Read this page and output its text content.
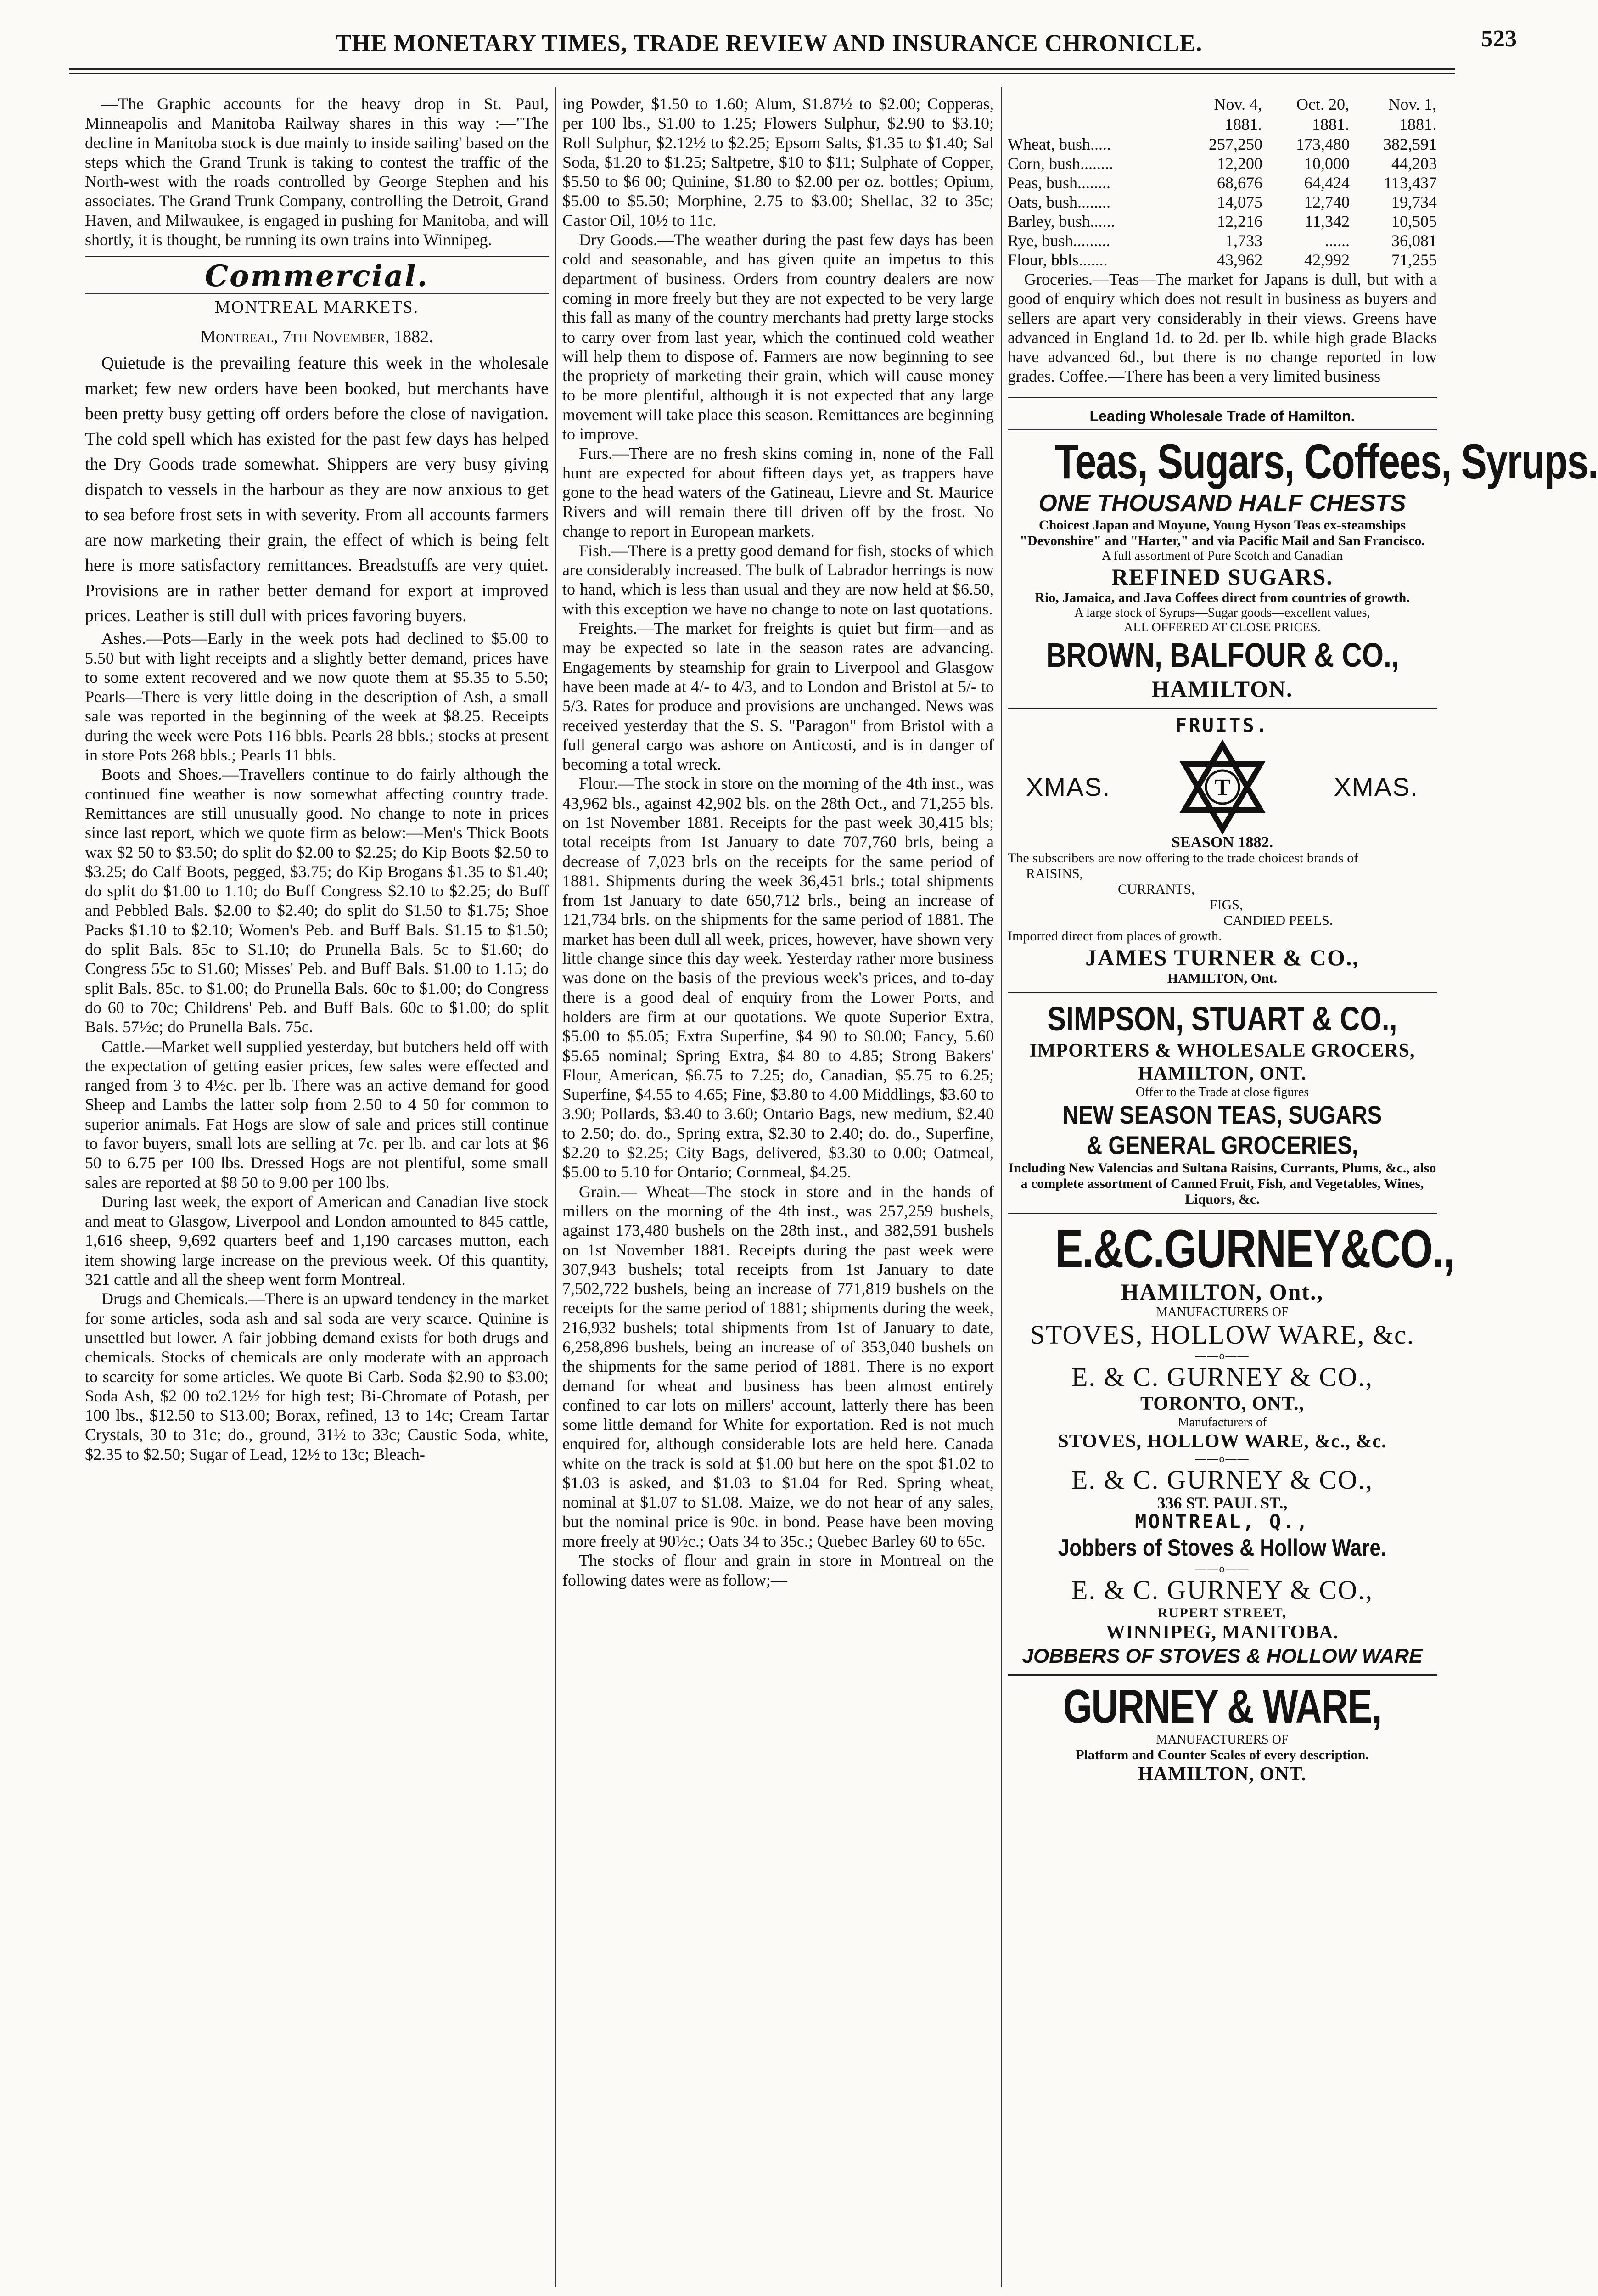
THE MONETARY TIMES, TRADE REVIEW AND INSURANCE CHRONICLE.	523

—The Graphic accounts for the heavy drop in St. Paul, Minneapolis and Manitoba Railway shares in this way :—"The decline in Manitoba stock is due mainly to inside sailing' based on the steps which the Grand Trunk is taking to contest the traffic of the North-west with the roads controlled by George Stephen and his associates. The Grand Trunk Company, controlling the Detroit, Grand Haven, and Milwaukee, is engaged in pushing for Manitoba, and will shortly, it is thought, be running its own trains into Winnipeg.

Commercial.
MONTREAL MARKETS.
Montreal, 7th November, 1882.

Quietude is the prevailing feature this week in the wholesale market; few new orders have been booked, but merchants have been pretty busy getting off orders before the close of navigation. The cold spell which has existed for the past few days has helped the Dry Goods trade somewhat. Shippers are very busy giving dispatch to vessels in the harbour as they are now anxious to get to sea before frost sets in with severity. From all accounts farmers are now marketing their grain, the effect of which is being felt here is more satisfactory remittances. Breadstuffs are very quiet. Provisions are in rather better demand for export at improved prices. Leather is still dull with prices favoring buyers.

Ashes.—Pots—Early in the week pots had declined to $5.00 to 5.50 but with light receipts and a slightly better demand, prices have to some extent recovered and we now quote them at $5.35 to 5.50; Pearls—There is very little doing in the description of Ash, a small sale was reported in the beginning of the week at $8.25. Receipts during the week were Pots 116 bbls. Pearls 28 bbls.; stocks at present in store Pots 268 bbls.; Pearls 11 bbls.

Boots and Shoes.—Travellers continue to do fairly although the continued fine weather is now somewhat affecting country trade. Remittances are still unusually good. No change to note in prices since last report, which we quote firm as below:—Men's Thick Boots wax $2 50 to $3.50; do split do $2.00 to $2.25; do Kip Boots $2.50 to $3.25; do Calf Boots, pegged, $3.75; do Kip Brogans $1.35 to $1.40; do split do $1.00 to 1.10; do Buff Congress $2.10 to $2.25; do Buff and Pebbled Bals. $2.00 to $2.40; do split do $1.50 to $1.75; Shoe Packs $1.10 to $2.10; Women's Peb. and Buff Bals. $1.15 to $1.50; do split Bals. 85c to $1.10; do Prunella Bals. 5c to $1.60; do Congress 55c to $1.60; Misses' Peb. and Buff Bals. $1.00 to 1.15; do split Bals. 85c. to $1.00; do Prunella Bals. 60c to $1.00; do Congress do 60 to 70c; Childrens' Peb. and Buff Bals. 60c to $1.00; do split Bals. 57½c; do Prunella Bals. 75c.

Cattle.—Market well supplied yesterday, but butchers held off with the expectation of getting easier prices, few sales were effected and ranged from 3 to 4½c. per lb. There was an active demand for good Sheep and Lambs the latter solp from 2.50 to 4 50 for common to superior animals. Fat Hogs are slow of sale and prices still continue to favor buyers, small lots are selling at 7c. per lb. and car lots at $6 50 to 6.75 per 100 lbs. Dressed Hogs are not plentiful, some small sales are reported at $8 50 to 9.00 per 100 lbs.

During last week, the export of American and Canadian live stock and meat to Glasgow, Liverpool and London amounted to 845 cattle, 1,616 sheep, 9,692 quarters beef and 1,190 carcases mutton, each item showing large increase on the previous week. Of this quantity, 321 cattle and all the sheep went form Montreal.

Drugs and Chemicals.—There is an upward tendency in the market for some articles, soda ash and sal soda are very scarce. Quinine is unsettled but lower. A fair jobbing demand exists for both drugs and chemicals. Stocks of chemicals are only moderate with an approach to scarcity for some articles. We quote Bi Carb. Soda $2.90 to $3.00; Soda Ash, $2 00 to2.12½ for high test; Bi-Chromate of Potash, per 100 lbs., $12.50 to $13.00; Borax, refined, 13 to 14c; Cream Tartar Crystals, 30 to 31c; do., ground, 31½ to 33c; Caustic Soda, white, $2.35 to $2.50; Sugar of Lead, 12½ to 13c; Bleach-

ing Powder, $1.50 to 1.60; Alum, $1.87½ to $2.00; Copperas, per 100 lbs., $1.00 to 1.25; Flowers Sulphur, $2.90 to $3.10; Roll Sulphur, $2.12½ to $2.25; Epsom Salts, $1.35 to $1.40; Sal Soda, $1.20 to $1.25; Saltpetre, $10 to $11; Sulphate of Copper, $5.50 to $6 00; Quinine, $1.80 to $2.00 per oz. bottles; Opium, $5.00 to $5.50; Morphine, 2.75 to $3.00; Shellac, 32 to 35c; Castor Oil, 10½ to 11c.

Dry Goods.—The weather during the past few days has been cold and seasonable, and has given quite an impetus to this department of business. Orders from country dealers are now coming in more freely but they are not expected to be very large this fall as many of the country merchants had pretty large stocks to carry over from last year, which the continued cold weather will help them to dispose of. Farmers are now beginning to see the propriety of marketing their grain, which will cause money to be more plentiful, although it is not expected that any large movement will take place this season. Remittances are beginning to improve.

Furs.—There are no fresh skins coming in, none of the Fall hunt are expected for about fifteen days yet, as trappers have gone to the head waters of the Gatineau, Lievre and St. Maurice Rivers and will remain there till driven off by the frost. No change to report in European markets.

Fish.—There is a pretty good demand for fish, stocks of which are considerably increased. The bulk of Labrador herrings is now to hand, which is less than usual and they are now held at $6.50, with this exception we have no change to note on last quotations.

Freights.—The market for freights is quiet but firm—and as may be expected so late in the season rates are advancing. Engagements by steamship for grain to Liverpool and Glasgow have been made at 4/- to 4/3, and to London and Bristol at 5/- to 5/3. Rates for produce and provisions are unchanged. News was received yesterday that the S. S. "Paragon" from Bristol with a full general cargo was ashore on Anticosti, and is in danger of becoming a total wreck.

Flour.—The stock in store on the morning of the 4th inst., was 43,962 bls., against 42,902 bls. on the 28th Oct., and 71,255 bls. on 1st November 1881. Receipts for the past week 30,415 bls; total receipts from 1st January to date 707,760 brls, being a decrease of 7,023 brls on the receipts for the same period of 1881. Shipments during the week 36,451 brls.; total shipments from 1st January to date 650,712 brls., being an increase of 121,734 brls. on the shipments for the same period of 1881. The market has been dull all week, prices, however, have shown very little change since this day week. Yesterday rather more business was done on the basis of the previous week's prices, and to-day there is a good deal of enquiry from the Lower Ports, and holders are firm at our quotations. We quote Superior Extra, $5.00 to $5.05; Extra Superfine, $4 90 to $0.00; Fancy, 5.60 $5.65 nominal; Spring Extra, $4 80 to 4.85; Strong Bakers' Flour, American, $6.75 to 7.25; do, Canadian, $5.75 to 6.25; Superfine, $4.55 to 4.65; Fine, $3.80 to 4.00 Middlings, $3.60 to 3.90; Pollards, $3.40 to 3.60; Ontario Bags, new medium, $2.40 to 2.50; do. do., Spring extra, $2.30 to 2.40; do. do., Superfine, $2.20 to $2.25; City Bags, delivered, $3.30 to 0.00; Oatmeal, $5.00 to 5.10 for Ontario; Cornmeal, $4.25.

Grain.— Wheat—The stock in store and in the hands of millers on the morning of the 4th inst., was 257,259 bushels, against 173,480 bushels on the 28th inst., and 382,591 bushels on 1st November 1881. Receipts during the past week were 307,943 bushels; total receipts from 1st January to date 7,502,722 bushels, being an increase of 771,819 bushels on the receipts for the same period of 1881; shipments during the week, 216,932 bushels; total shipments from 1st of January to date, 6,258,896 bushels, being an increase of of 353,040 bushels on the shipments for the same period of 1881. There is no export demand for wheat and business has been almost entirely confined to car lots on millers' account, latterly there has been some little demand for White for exportation. Red is not much enquired for, although considerable lots are held here. Canada white on the track is sold at $1.00 but here on the spot $1.02 to $1.03 is asked, and $1.03 to $1.04 for Red. Spring wheat, nominal at $1.07 to $1.08. Maize, we do not hear of any sales, but the nominal price is 90c. in bond. Pease have been moving more freely at 90½c.; Oats 34 to 35c.; Quebec Barley 60 to 65c.

The stocks of flour and grain in store in Montreal on the following dates were as follow;—

	Nov. 4,	Oct. 20,	Nov. 1,
	1881.	1881.	1881.
Wheat, bush.....	257,250	173,480	382,591
Corn, bush........	12,200	10,000	44,203
Peas, bush........	68,676	64,424	113,437
Oats, bush........	14,075	12,740	19,734
Barley, bush......	12,216	11,342	10,505
Rye, bush.........	1,733	......	36,081
Flour, bbls.......	43,962	42,992	71,255

Groceries.—Teas—The market for Japans is dull, but with a good of enquiry which does not result in business as buyers and sellers are apart very considerably in their views. Greens have advanced in England 1d. to 2d. per lb. while high grade Blacks have advanced 6d., but there is no change reported in low grades. Coffee.—There has been a very limited business

Leading Wholesale Trade of Hamilton.
Teas, Sugars, Coffees, Syrups.
ONE THOUSAND HALF CHESTS
Choicest Japan and Moyune, Young Hyson Teas ex-steamships "Devonshire" and "Harter," and via Pacific Mail and San Francisco.
A full assortment of Pure Scotch and Canadian
REFINED SUGARS.
Rio, Jamaica, and Java Coffees direct from countries of growth.
A large stock of Syrups—Sugar goods—excellent values,
ALL OFFERED AT CLOSE PRICES.
BROWN, BALFOUR & CO.,
HAMILTON.
FRUITS.
XMAS.	T	XMAS.
SEASON 1882.
The subscribers are now offering to the trade choicest brands of
RAISINS,
CURRANTS,
FIGS,
CANDIED PEELS.
Imported direct from places of growth.
JAMES TURNER & CO.,
HAMILTON, Ont.
SIMPSON, STUART & CO.,
IMPORTERS & WHOLESALE GROCERS,
HAMILTON, ONT.
Offer to the Trade at close figures
NEW SEASON TEAS, SUGARS
& GENERAL GROCERIES,
Including New Valencias and Sultana Raisins, Currants, Plums, &c., also a complete assortment of Canned Fruit, Fish, and Vegetables, Wines, Liquors, &c.
E.&C.GURNEY&CO.,
HAMILTON, Ont.,
MANUFACTURERS OF
STOVES, HOLLOW WARE, &c.
——o——
E. & C. GURNEY & CO.,
TORONTO, ONT.,
Manufacturers of
STOVES, HOLLOW WARE, &c., &c.
——o——
E. & C. GURNEY & CO.,
336 ST. PAUL ST.,
MONTREAL, Q.,
Jobbers of Stoves & Hollow Ware.
——o——
E. & C. GURNEY & CO.,
RUPERT STREET,
WINNIPEG, MANITOBA.
JOBBERS OF STOVES & HOLLOW WARE
GURNEY & WARE,
MANUFACTURERS OF
Platform and Counter Scales of every description.
HAMILTON, ONT.
